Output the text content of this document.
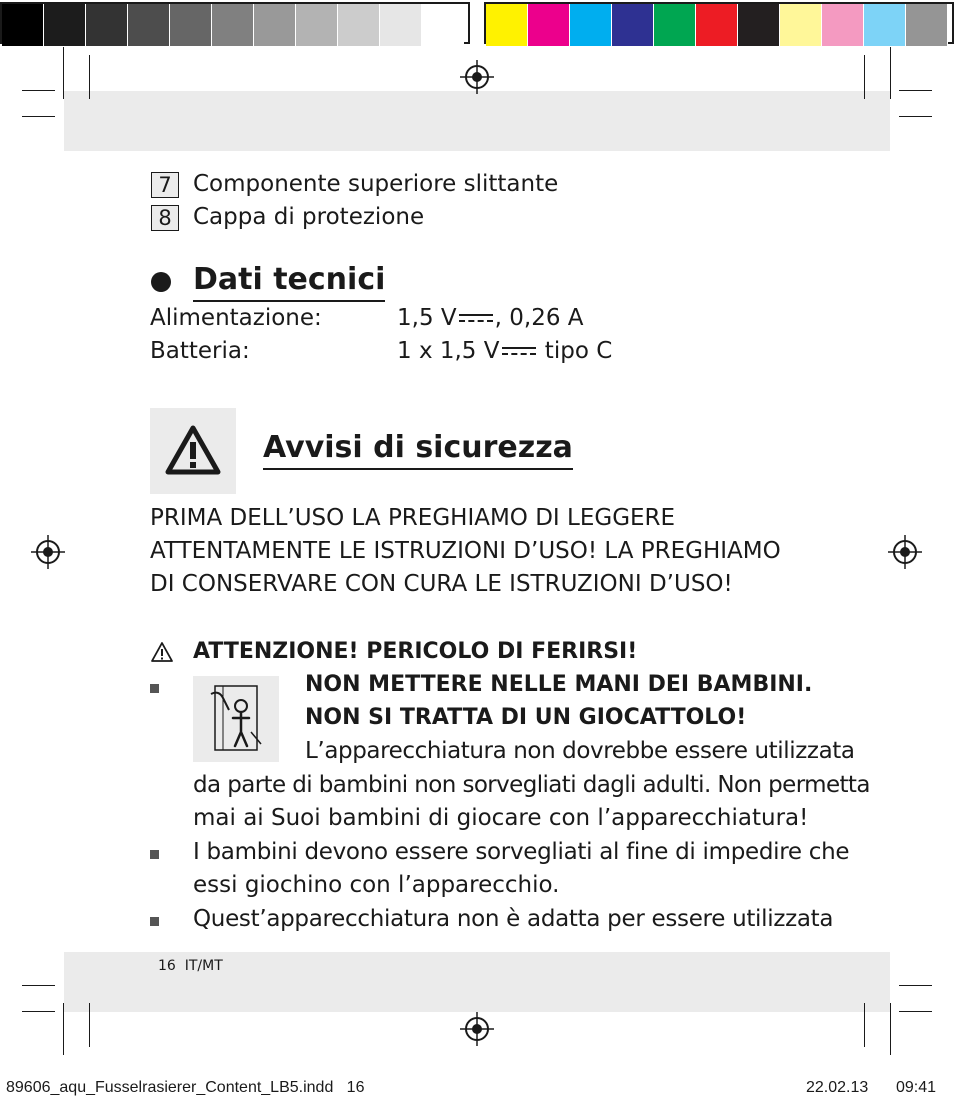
7 Componente superiore slittante
8 Cappa di protezione
Dati tecnici
Alimentazione:	1,5 V , 0,26 A
Batteria:	1 x 1,5 V tipo C
Avvisi di sicurezza
PRIMA DELL’USO LA PREGHIAMO DI LEGGERE
ATTENTAMENTE LE ISTRUZIONI D’USO! LA PREGHIAMO
DI CONSERVARE CON CURA LE ISTRUZIONI D’USO!
ATTENZIONE! PERICOLO DI FERIRSI!
NON METTERE NELLE MANI DEI BAMBINI.
NON SI TRATTA DI UN GIOCATTOLO!
L’apparecchiatura non dovrebbe essere utilizzata
da parte di bambini non sorvegliati dagli adulti. Non permetta
mai ai Suoi bambini di giocare con l’apparecchiatura!
I bambini devono essere sorvegliati al fine di impedire che
essi giochino con l’apparecchio.
Quest’apparecchiatura non è adatta per essere utilizzata
16 IT/MT
89606_aqu_Fusselrasierer_Content_LB5.indd   16	22.02.13 09:41
